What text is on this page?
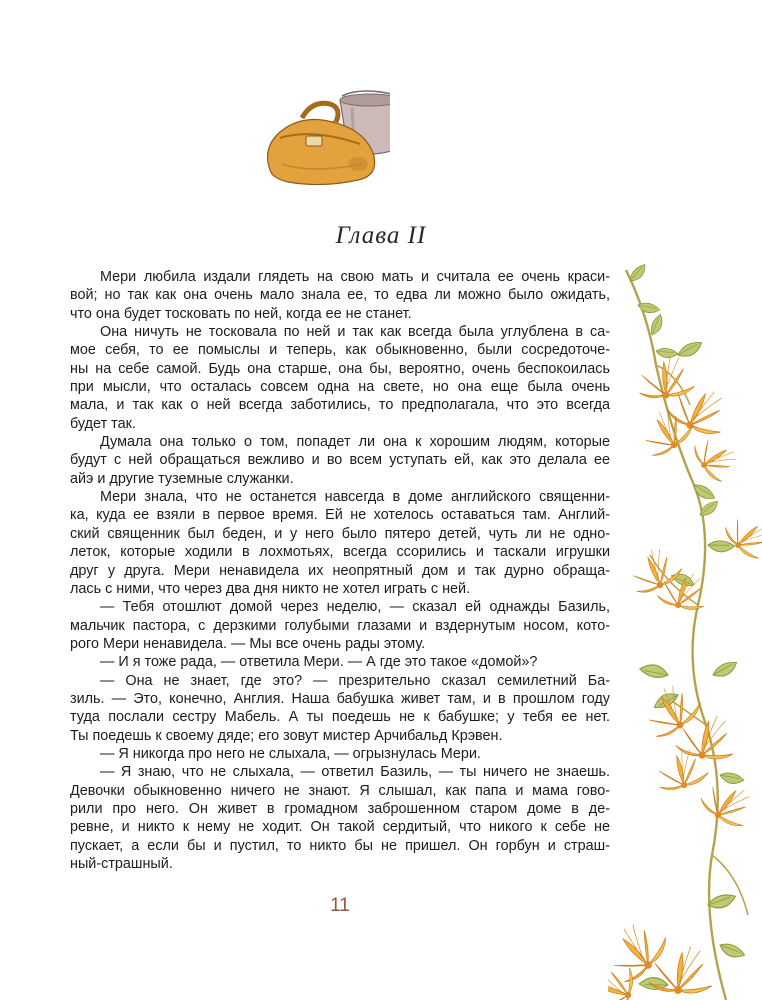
Глава II
Мери любила издали глядеть на свою мать и считала ее очень краси-
вой; но так как она очень мало знала ее, то едва ли можно было ожидать,
что она будет тосковать по ней, когда ее не станет.
Она ничуть не тосковала по ней и так как всегда была углублена в са-
мое себя, то ее помыслы и теперь, как обыкновенно, были сосредоточе-
ны на себе самой. Будь она старше, она бы, вероятно, очень беспокоилась
при мысли, что осталась совсем одна на свете, но она еще была очень
мала, и так как о ней всегда заботились, то предполагала, что это всегда
будет так.
Думала она только о том, попадет ли она к хорошим людям, которые
будут с ней обращаться вежливо и во всем уступать ей, как это делала ее
айэ и другие туземные служанки.
Мери знала, что не останется навсегда в доме английского священни-
ка, куда ее взяли в первое время. Ей не хотелось оставаться там. Англий-
ский священник был беден, и у него было пятеро детей, чуть ли не одно-
леток, которые ходили в лохмотьях, всегда ссорились и таскали игрушки
друг у друга. Мери ненавидела их неопрятный дом и так дурно обраща-
лась с ними, что через два дня никто не хотел играть с ней.
— Тебя отошлют домой через неделю, — сказал ей однажды Базиль,
мальчик пастора, с дерзкими голубыми глазами и вздернутым носом, кото-
рого Мери ненавидела. — Мы все очень рады этому.
— И я тоже рада, — ответила Мери. — А где это такое «домой»?
— Она не знает, где это? — презрительно сказал семилетний Ба-
зиль. — Это, конечно, Англия. Наша бабушка живет там, и в прошлом году
туда послали сестру Мабель. А ты поедешь не к бабушке; у тебя ее нет.
Ты поедешь к своему дяде; его зовут мистер Арчибальд Крэвен.
— Я никогда про него не слыхала, — огрызнулась Мери.
— Я знаю, что не слыхала, — ответил Базиль, — ты ничего не знаешь.
Девочки обыкновенно ничего не знают. Я слышал, как папа и мама гово-
рили про него. Он живет в громадном заброшенном старом доме в де-
ревне, и никто к нему не ходит. Он такой сердитый, что никого к себе не
пускает, а если бы и пустил, то никто бы не пришел. Он горбун и страш-
ный-страшный.
11
